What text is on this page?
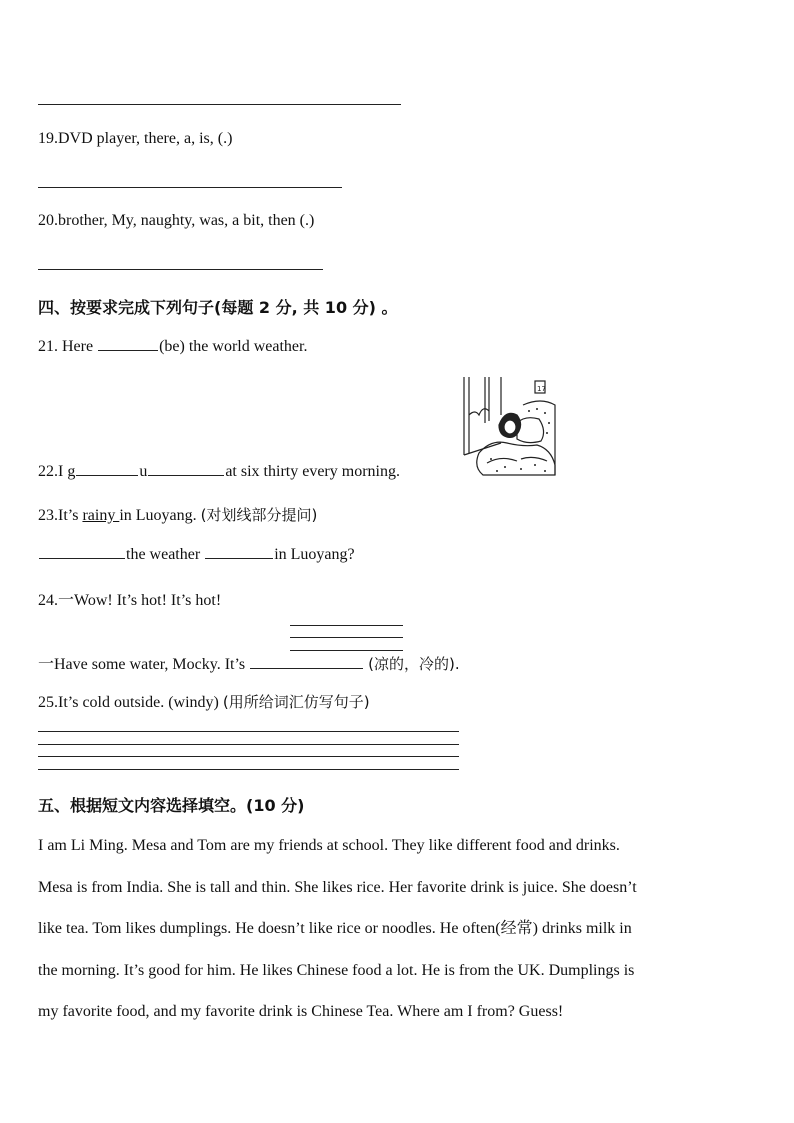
19.DVD player, there, a, is, (.)
20.brother, My, naughty, was, a bit, then (.)
四、按要求完成下列句子(每题 2 分, 共 10 分) 。
21. Here	(be) the world weather.
17
22.I g	u	at six thirty every morning.
23.It’s rainy in Luoyang. (对划线部分提问)
the weather	in Luoyang?
24.一Wow! It’s hot! It’s hot!
一Have some water, Mocky. It’s	(凉的，冷的).
25.It’s cold outside. (windy) (用所给词汇仿写句子)
五、根据短文内容选择填空。(10 分)
I am Li Ming. Mesa and Tom are my friends at school. They like different food and drinks.
Mesa is from India. She is tall and thin. She likes rice. Her favorite drink is juice. She doesn’t
like tea. Tom likes dumplings. He doesn’t like rice or noodles. He often(经常) drinks milk in
the morning. It’s good for him. He likes Chinese food a lot. He is from the UK. Dumplings is
my favorite food, and my favorite drink is Chinese Tea. Where am I from? Guess!
